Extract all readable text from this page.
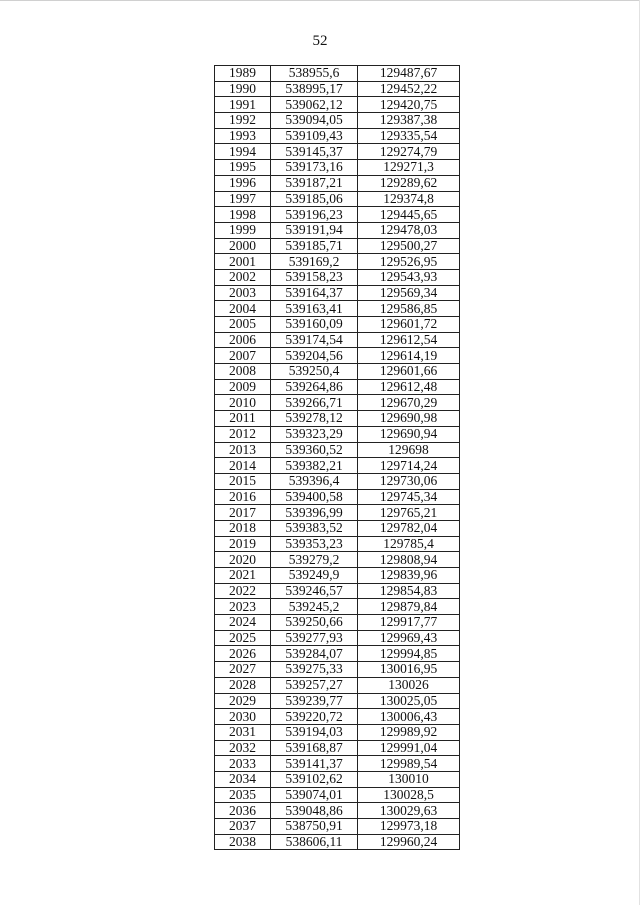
52
1989	538955,6	129487,67
1990	538995,17	129452,22
1991	539062,12	129420,75
1992	539094,05	129387,38
1993	539109,43	129335,54
1994	539145,37	129274,79
1995	539173,16	129271,3
1996	539187,21	129289,62
1997	539185,06	129374,8
1998	539196,23	129445,65
1999	539191,94	129478,03
2000	539185,71	129500,27
2001	539169,2	129526,95
2002	539158,23	129543,93
2003	539164,37	129569,34
2004	539163,41	129586,85
2005	539160,09	129601,72
2006	539174,54	129612,54
2007	539204,56	129614,19
2008	539250,4	129601,66
2009	539264,86	129612,48
2010	539266,71	129670,29
2011	539278,12	129690,98
2012	539323,29	129690,94
2013	539360,52	129698
2014	539382,21	129714,24
2015	539396,4	129730,06
2016	539400,58	129745,34
2017	539396,99	129765,21
2018	539383,52	129782,04
2019	539353,23	129785,4
2020	539279,2	129808,94
2021	539249,9	129839,96
2022	539246,57	129854,83
2023	539245,2	129879,84
2024	539250,66	129917,77
2025	539277,93	129969,43
2026	539284,07	129994,85
2027	539275,33	130016,95
2028	539257,27	130026
2029	539239,77	130025,05
2030	539220,72	130006,43
2031	539194,03	129989,92
2032	539168,87	129991,04
2033	539141,37	129989,54
2034	539102,62	130010
2035	539074,01	130028,5
2036	539048,86	130029,63
2037	538750,91	129973,18
2038	538606,11	129960,24
